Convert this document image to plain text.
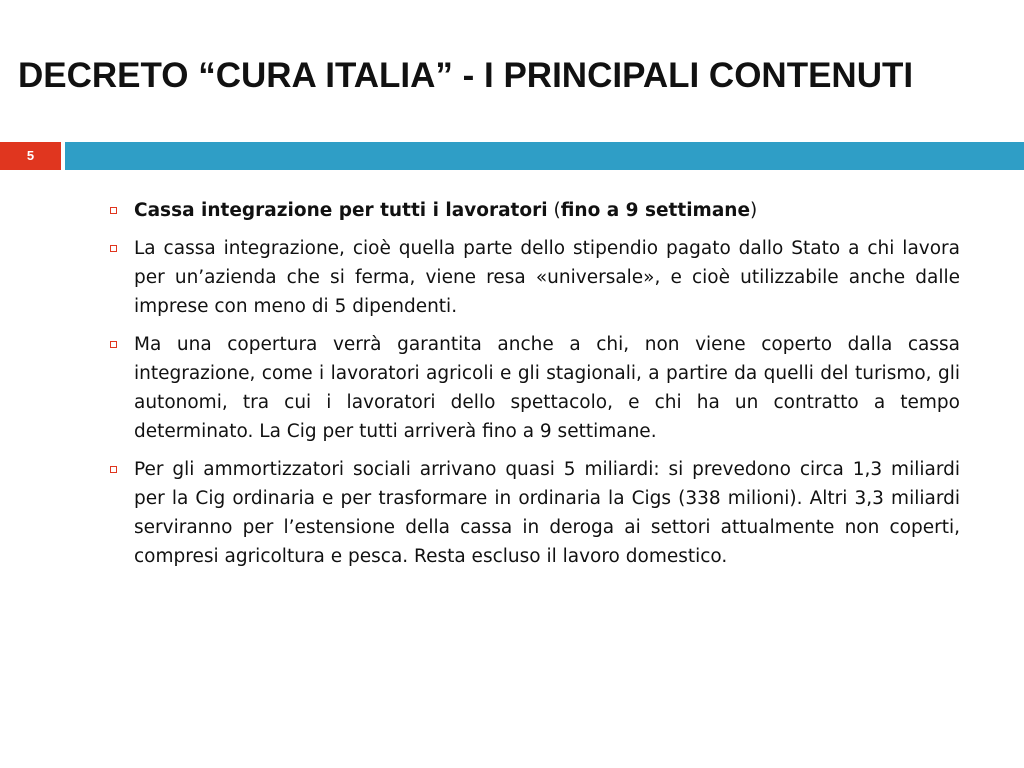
DECRETO “CURA ITALIA” - I PRINCIPALI CONTENUTI
5
Cassa integrazione per tutti i lavoratori (fino a 9 settimane)
La cassa integrazione, cioè quella parte dello stipendio pagato dallo Stato a chi lavora per un’azienda che si ferma, viene resa «universale», e cioè utilizzabile anche dalle imprese con meno di 5 dipendenti.
Ma una copertura verrà garantita anche a chi, non viene coperto dalla cassa integrazione, come i lavoratori agricoli e gli stagionali, a partire da quelli del turismo, gli autonomi, tra cui i lavoratori dello spettacolo, e chi ha un contratto a tempo determinato. La Cig per tutti arriverà fino a 9 settimane.
Per gli ammortizzatori sociali arrivano quasi 5 miliardi: si prevedono circa 1,3 miliardi per la Cig ordinaria e per trasformare in ordinaria la Cigs (338 milioni). Altri 3,3 miliardi serviranno per l’estensione della cassa in deroga ai settori attualmente non coperti, compresi agricoltura e pesca. Resta escluso il lavoro domestico.
